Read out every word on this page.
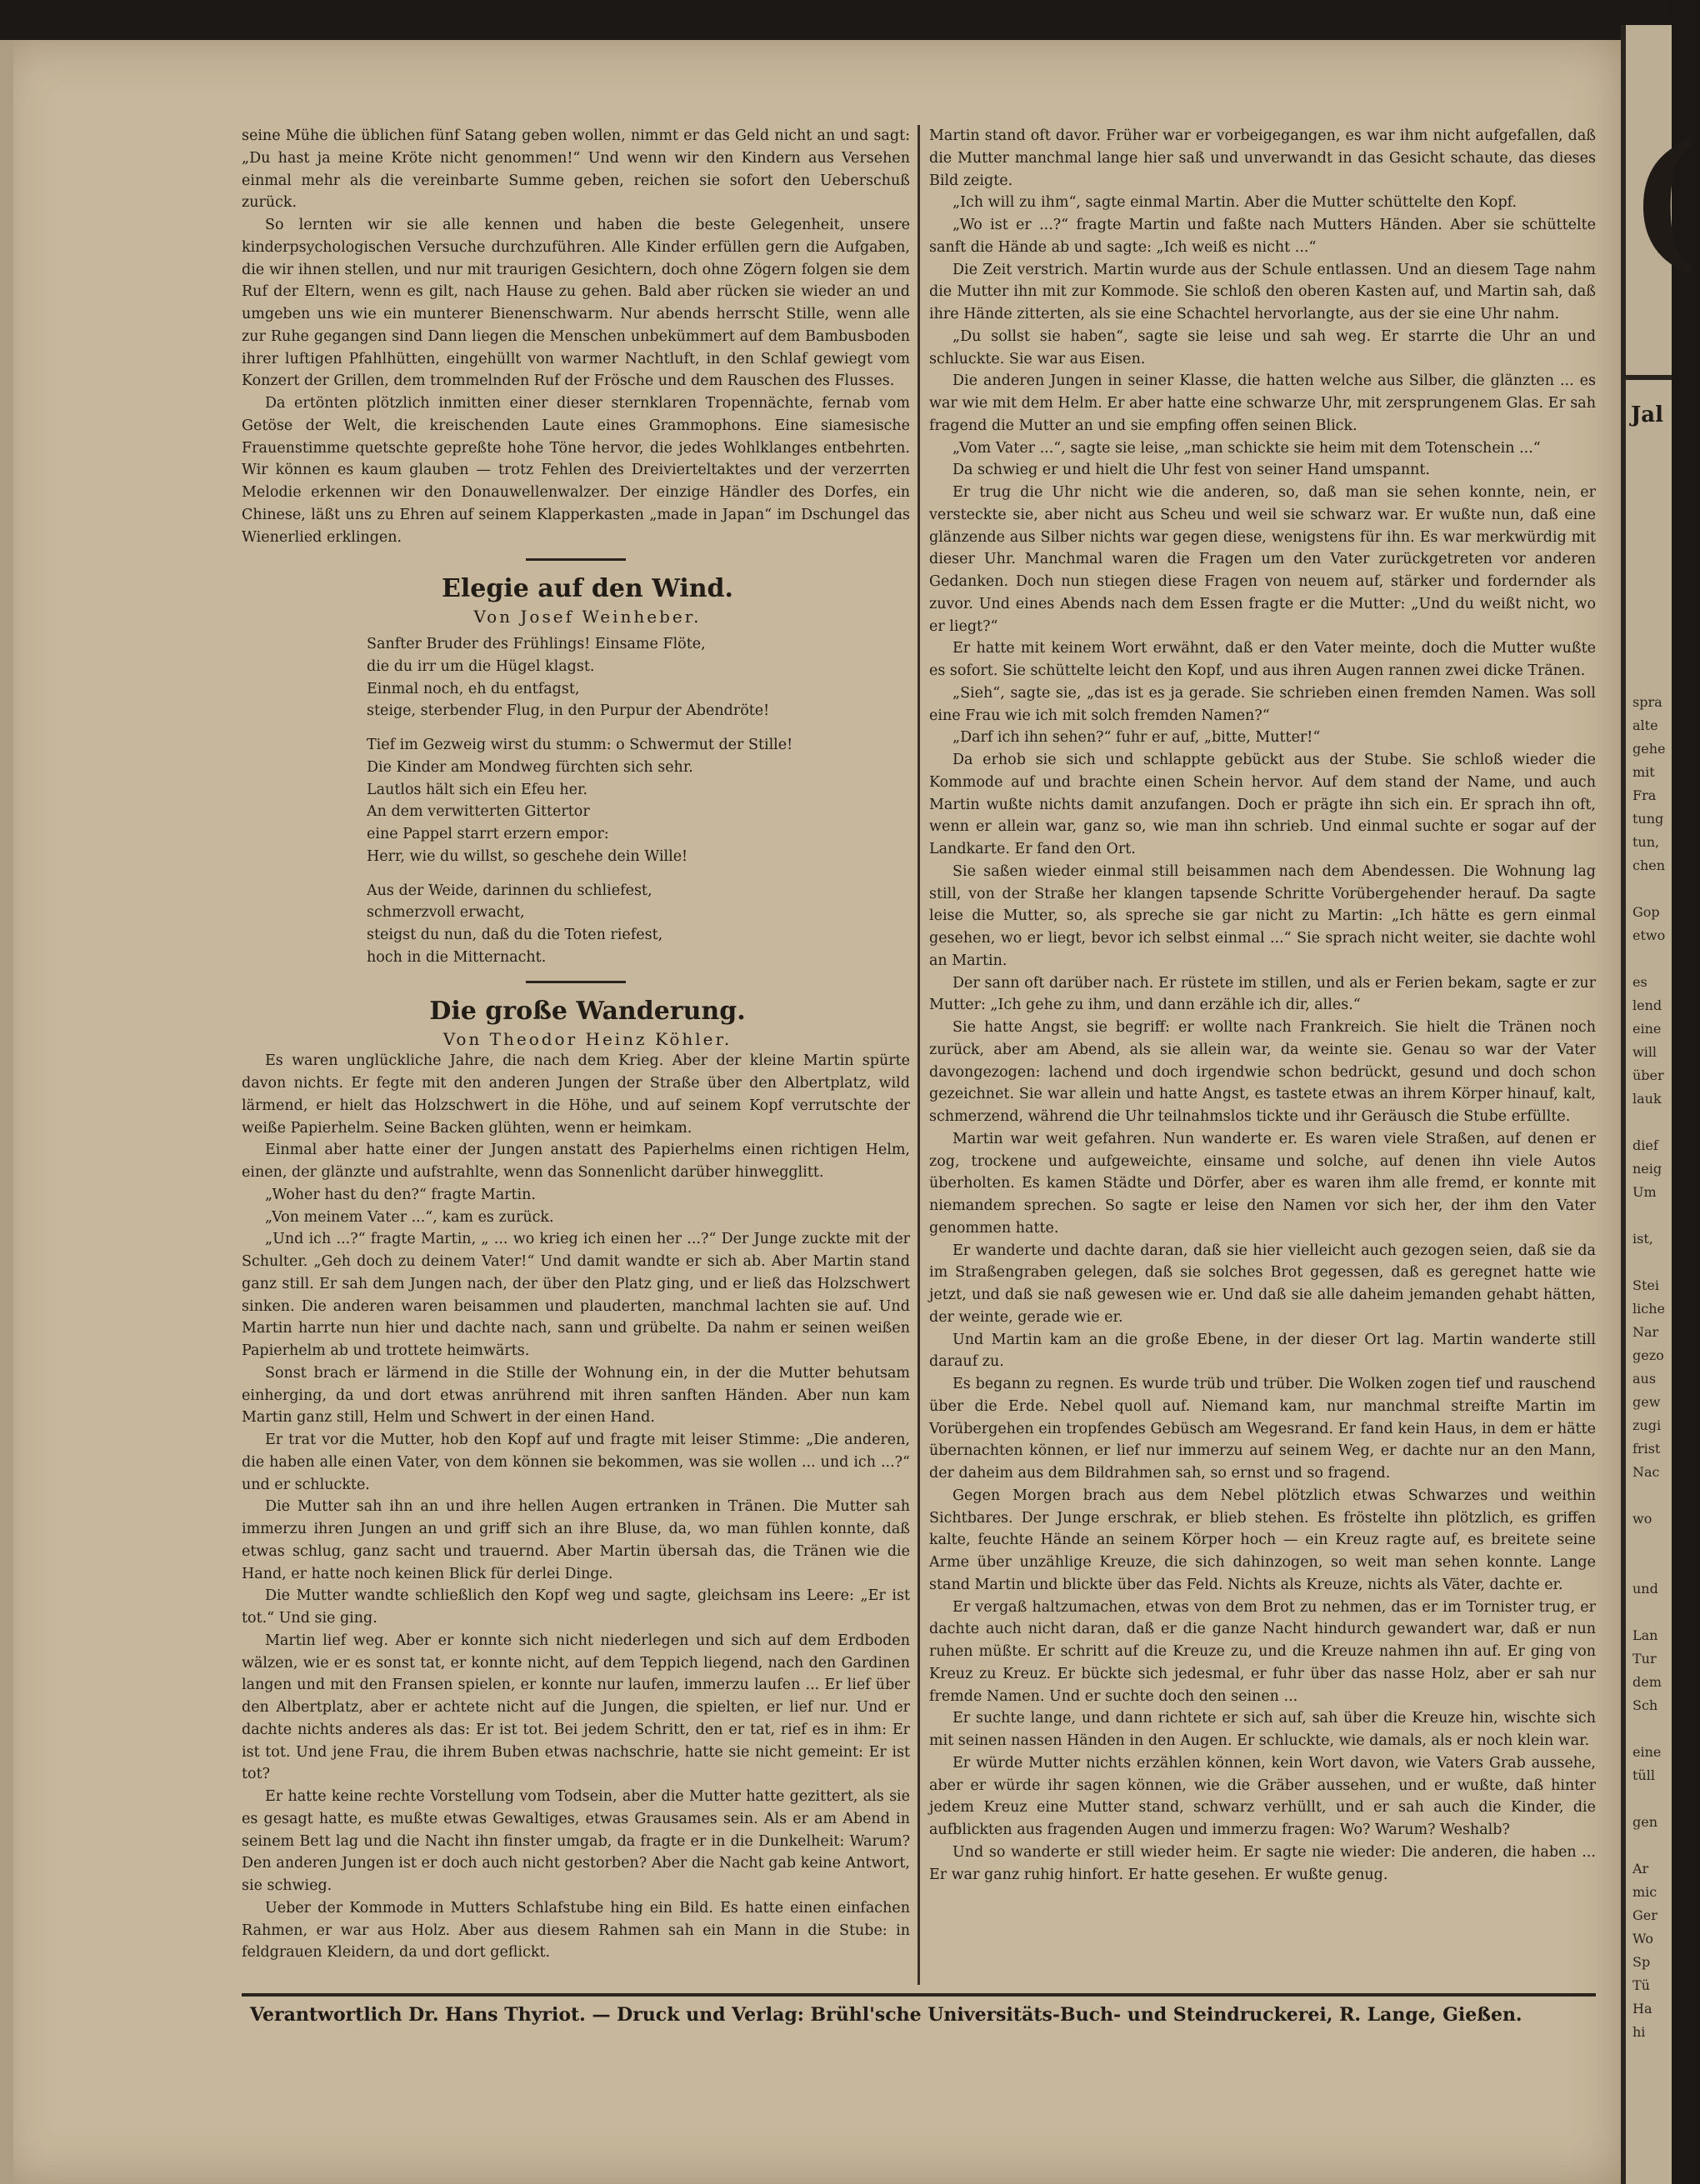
(
Jal
spra
alte
gehe
mit
Fra
tung
tun,
chen
Gop
etwo
es
lend
eine
will
über
lauk
dief
neig
Um
ist,
Stei
liche
Nar
gezo
aus
gew
zugi
frist
Nac
wo
und
Lan
Tur
dem
Sch
eine
tüll
gen
Ar
mic
Ger
Wo
Sp
Tü
Ha
hi

seine Mühe die üblichen fünf Satang geben wollen, nimmt er das Geld nicht an und sagt: „Du hast ja meine Kröte nicht genommen!“ Und wenn wir den Kindern aus Versehen einmal mehr als die vereinbarte Summe geben, reichen sie sofort den Ueberschuß zurück.

So lernten wir sie alle kennen und haben die beste Gelegenheit, unsere kinderpsychologischen Versuche durchzuführen. Alle Kinder erfüllen gern die Aufgaben, die wir ihnen stellen, und nur mit traurigen Gesichtern, doch ohne Zögern folgen sie dem Ruf der Eltern, wenn es gilt, nach Hause zu gehen. Bald aber rücken sie wieder an und umgeben uns wie ein munterer Bienenschwarm. Nur abends herrscht Stille, wenn alle zur Ruhe gegangen sind Dann liegen die Menschen unbekümmert auf dem Bambusboden ihrer luftigen Pfahlhütten, eingehüllt von warmer Nachtluft, in den Schlaf gewiegt vom Konzert der Grillen, dem trommelnden Ruf der Frösche und dem Rauschen des Flusses.

Da ertönten plötzlich inmitten einer dieser sternklaren Tropennächte, fernab vom Getöse der Welt, die kreischenden Laute eines Grammophons. Eine siamesische Frauenstimme quetschte gepreßte hohe Töne hervor, die jedes Wohlklanges entbehrten. Wir können es kaum glauben — trotz Fehlen des Dreivierteltaktes und der verzerrten Melodie erkennen wir den Donauwellenwalzer. Der einzige Händler des Dorfes, ein Chinese, läßt uns zu Ehren auf seinem Klapperkasten „made in Japan“ im Dschungel das Wienerlied erklingen.

Elegie auf den Wind.

Von Josef Weinheber.

Sanfter Bruder des Frühlings! Einsame Flöte,
die du irr um die Hügel klagst.
Einmal noch, eh du entfagst,
steige, sterbender Flug, in den Purpur der Abendröte!
Tief im Gezweig wirst du stumm: o Schwermut der Stille!
Die Kinder am Mondweg fürchten sich sehr.
Lautlos hält sich ein Efeu her.
An dem verwitterten Gittertor
eine Pappel starrt erzern empor:
Herr, wie du willst, so geschehe dein Wille!
Aus der Weide, darinnen du schliefest,
schmerzvoll erwacht,
steigst du nun, daß du die Toten riefest,
hoch in die Mitternacht.

Die große Wanderung.

Von Theodor Heinz Köhler.

Es waren unglückliche Jahre, die nach dem Krieg. Aber der kleine Martin spürte davon nichts. Er fegte mit den anderen Jungen der Straße über den Albertplatz, wild lärmend, er hielt das Holzschwert in die Höhe, und auf seinem Kopf verrutschte der weiße Papierhelm. Seine Backen glühten, wenn er heimkam.

Einmal aber hatte einer der Jungen anstatt des Papierhelms einen richtigen Helm, einen, der glänzte und aufstrahlte, wenn das Sonnenlicht darüber hinwegglitt.

„Woher hast du den?“ fragte Martin.

„Von meinem Vater ...“, kam es zurück.

„Und ich ...?“ fragte Martin, „ ... wo krieg ich einen her ...?“ Der Junge zuckte mit der Schulter. „Geh doch zu deinem Vater!“ Und damit wandte er sich ab. Aber Martin stand ganz still. Er sah dem Jungen nach, der über den Platz ging, und er ließ das Holzschwert sinken. Die anderen waren beisammen und plauderten, manchmal lachten sie auf. Und Martin harrte nun hier und dachte nach, sann und grübelte. Da nahm er seinen weißen Papierhelm ab und trottete heimwärts.

Sonst brach er lärmend in die Stille der Wohnung ein, in der die Mutter behutsam einherging, da und dort etwas anrührend mit ihren sanften Händen. Aber nun kam Martin ganz still, Helm und Schwert in der einen Hand.

Er trat vor die Mutter, hob den Kopf auf und fragte mit leiser Stimme: „Die anderen, die haben alle einen Vater, von dem können sie bekommen, was sie wollen ... und ich ...?“ und er schluckte.

Die Mutter sah ihn an und ihre hellen Augen ertranken in Tränen. Die Mutter sah immerzu ihren Jungen an und griff sich an ihre Bluse, da, wo man fühlen konnte, daß etwas schlug, ganz sacht und trauernd. Aber Martin übersah das, die Tränen wie die Hand, er hatte noch keinen Blick für derlei Dinge.

Die Mutter wandte schließlich den Kopf weg und sagte, gleichsam ins Leere: „Er ist tot.“ Und sie ging.

Martin lief weg. Aber er konnte sich nicht niederlegen und sich auf dem Erdboden wälzen, wie er es sonst tat, er konnte nicht, auf dem Teppich liegend, nach den Gardinen langen und mit den Fransen spielen, er konnte nur laufen, immerzu laufen ... Er lief über den Albertplatz, aber er achtete nicht auf die Jungen, die spielten, er lief nur. Und er dachte nichts anderes als das: Er ist tot. Bei jedem Schritt, den er tat, rief es in ihm: Er ist tot. Und jene Frau, die ihrem Buben etwas nachschrie, hatte sie nicht gemeint: Er ist tot?

Er hatte keine rechte Vorstellung vom Todsein, aber die Mutter hatte gezittert, als sie es gesagt hatte, es mußte etwas Gewaltiges, etwas Grausames sein. Als er am Abend in seinem Bett lag und die Nacht ihn finster umgab, da fragte er in die Dunkelheit: Warum? Den anderen Jungen ist er doch auch nicht gestorben? Aber die Nacht gab keine Antwort, sie schwieg.

Ueber der Kommode in Mutters Schlafstube hing ein Bild. Es hatte einen einfachen Rahmen, er war aus Holz. Aber aus diesem Rahmen sah ein Mann in die Stube: in feldgrauen Kleidern, da und dort geflickt.

Martin stand oft davor. Früher war er vorbeigegangen, es war ihm nicht aufgefallen, daß die Mutter manchmal lange hier saß und unverwandt in das Gesicht schaute, das dieses Bild zeigte.

„Ich will zu ihm“, sagte einmal Martin. Aber die Mutter schüttelte den Kopf.

„Wo ist er ...?“ fragte Martin und faßte nach Mutters Händen. Aber sie schüttelte sanft die Hände ab und sagte: „Ich weiß es nicht ...“

Die Zeit verstrich. Martin wurde aus der Schule entlassen. Und an diesem Tage nahm die Mutter ihn mit zur Kommode. Sie schloß den oberen Kasten auf, und Martin sah, daß ihre Hände zitterten, als sie eine Schachtel hervorlangte, aus der sie eine Uhr nahm.

„Du sollst sie haben“, sagte sie leise und sah weg. Er starrte die Uhr an und schluckte. Sie war aus Eisen.

Die anderen Jungen in seiner Klasse, die hatten welche aus Silber, die glänzten ... es war wie mit dem Helm. Er aber hatte eine schwarze Uhr, mit zersprungenem Glas. Er sah fragend die Mutter an und sie empfing offen seinen Blick.

„Vom Vater ...“, sagte sie leise, „man schickte sie heim mit dem Totenschein ...“

Da schwieg er und hielt die Uhr fest von seiner Hand umspannt.

Er trug die Uhr nicht wie die anderen, so, daß man sie sehen konnte, nein, er versteckte sie, aber nicht aus Scheu und weil sie schwarz war. Er wußte nun, daß eine glänzende aus Silber nichts war gegen diese, wenigstens für ihn. Es war merkwürdig mit dieser Uhr. Manchmal waren die Fragen um den Vater zurückgetreten vor anderen Gedanken. Doch nun stiegen diese Fragen von neuem auf, stärker und fordernder als zuvor. Und eines Abends nach dem Essen fragte er die Mutter: „Und du weißt nicht, wo er liegt?“

Er hatte mit keinem Wort erwähnt, daß er den Vater meinte, doch die Mutter wußte es sofort. Sie schüttelte leicht den Kopf, und aus ihren Augen rannen zwei dicke Tränen.

„Sieh“, sagte sie, „das ist es ja gerade. Sie schrieben einen fremden Namen. Was soll eine Frau wie ich mit solch fremden Namen?“

„Darf ich ihn sehen?“ fuhr er auf, „bitte, Mutter!“

Da erhob sie sich und schlappte gebückt aus der Stube. Sie schloß wieder die Kommode auf und brachte einen Schein hervor. Auf dem stand der Name, und auch Martin wußte nichts damit anzufangen. Doch er prägte ihn sich ein. Er sprach ihn oft, wenn er allein war, ganz so, wie man ihn schrieb. Und einmal suchte er sogar auf der Landkarte. Er fand den Ort.

Sie saßen wieder einmal still beisammen nach dem Abendessen. Die Wohnung lag still, von der Straße her klangen tapsende Schritte Vorübergehender herauf. Da sagte leise die Mutter, so, als spreche sie gar nicht zu Martin: „Ich hätte es gern einmal gesehen, wo er liegt, bevor ich selbst einmal ...“ Sie sprach nicht weiter, sie dachte wohl an Martin.

Der sann oft darüber nach. Er rüstete im stillen, und als er Ferien bekam, sagte er zur Mutter: „Ich gehe zu ihm, und dann erzähle ich dir, alles.“

Sie hatte Angst, sie begriff: er wollte nach Frankreich. Sie hielt die Tränen noch zurück, aber am Abend, als sie allein war, da weinte sie. Genau so war der Vater davongezogen: lachend und doch irgendwie schon bedrückt, gesund und doch schon gezeichnet. Sie war allein und hatte Angst, es tastete etwas an ihrem Körper hinauf, kalt, schmerzend, während die Uhr teilnahmslos tickte und ihr Geräusch die Stube erfüllte.

Martin war weit gefahren. Nun wanderte er. Es waren viele Straßen, auf denen er zog, trockene und aufgeweichte, einsame und solche, auf denen ihn viele Autos überholten. Es kamen Städte und Dörfer, aber es waren ihm alle fremd, er konnte mit niemandem sprechen. So sagte er leise den Namen vor sich her, der ihm den Vater genommen hatte.

Er wanderte und dachte daran, daß sie hier vielleicht auch gezogen seien, daß sie da im Straßengraben gelegen, daß sie solches Brot gegessen, daß es geregnet hatte wie jetzt, und daß sie naß gewesen wie er. Und daß sie alle daheim jemanden gehabt hätten, der weinte, gerade wie er.

Und Martin kam an die große Ebene, in der dieser Ort lag. Martin wanderte still darauf zu.

Es begann zu regnen. Es wurde trüb und trüber. Die Wolken zogen tief und rauschend über die Erde. Nebel quoll auf. Niemand kam, nur manchmal streifte Martin im Vorübergehen ein tropfendes Gebüsch am Wegesrand. Er fand kein Haus, in dem er hätte übernachten können, er lief nur immerzu auf seinem Weg, er dachte nur an den Mann, der daheim aus dem Bildrahmen sah, so ernst und so fragend.

Gegen Morgen brach aus dem Nebel plötzlich etwas Schwarzes und weithin Sichtbares. Der Junge erschrak, er blieb stehen. Es fröstelte ihn plötzlich, es griffen kalte, feuchte Hände an seinem Körper hoch — ein Kreuz ragte auf, es breitete seine Arme über unzählige Kreuze, die sich dahinzogen, so weit man sehen konnte. Lange stand Martin und blickte über das Feld. Nichts als Kreuze, nichts als Väter, dachte er.

Er vergaß haltzumachen, etwas von dem Brot zu nehmen, das er im Tornister trug, er dachte auch nicht daran, daß er die ganze Nacht hindurch gewandert war, daß er nun ruhen müßte. Er schritt auf die Kreuze zu, und die Kreuze nahmen ihn auf. Er ging von Kreuz zu Kreuz. Er bückte sich jedesmal, er fuhr über das nasse Holz, aber er sah nur fremde Namen. Und er suchte doch den seinen ...

Er suchte lange, und dann richtete er sich auf, sah über die Kreuze hin, wischte sich mit seinen nassen Händen in den Augen. Er schluckte, wie damals, als er noch klein war.

Er würde Mutter nichts erzählen können, kein Wort davon, wie Vaters Grab aussehe, aber er würde ihr sagen können, wie die Gräber aussehen, und er wußte, daß hinter jedem Kreuz eine Mutter stand, schwarz verhüllt, und er sah auch die Kinder, die aufblickten aus fragenden Augen und immerzu fragen: Wo? Warum? Weshalb?

Und so wanderte er still wieder heim. Er sagte nie wieder: Die anderen, die haben ... Er war ganz ruhig hinfort. Er hatte gesehen. Er wußte genug.

Verantwortlich Dr. Hans Thyriot. — Druck und Verlag: Brühl'sche Universitäts-Buch- und Steindruckerei, R. Lange, Gießen.
